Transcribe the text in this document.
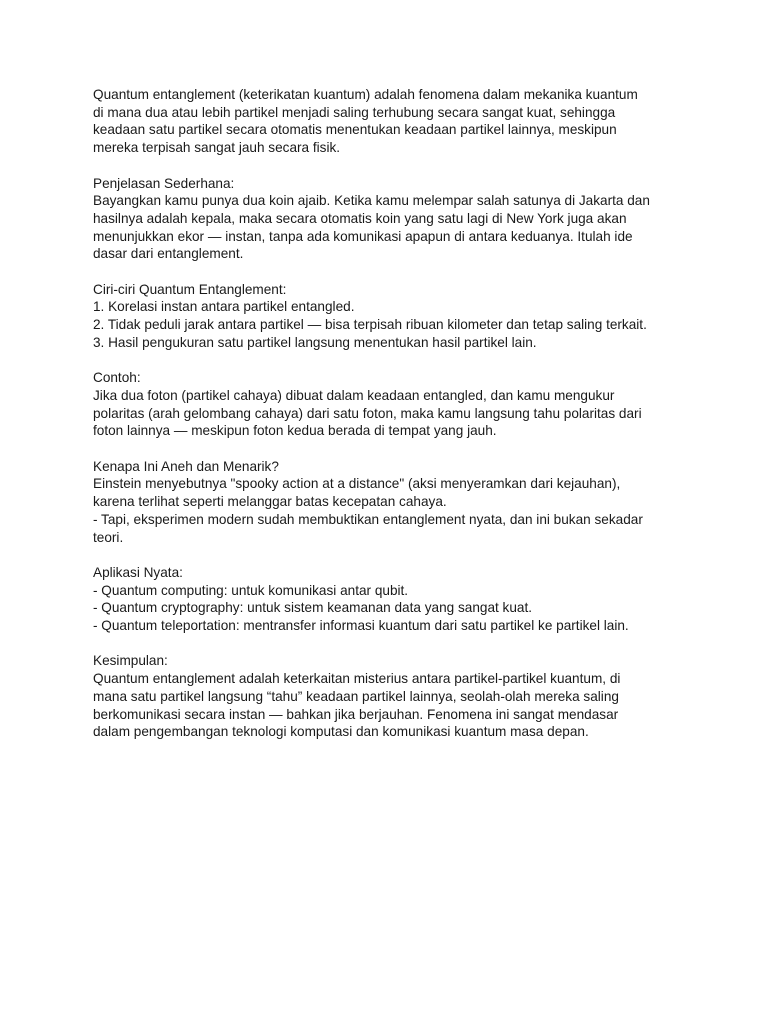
Quantum entanglement (keterikatan kuantum) adalah fenomena dalam mekanika kuantum

di mana dua atau lebih partikel menjadi saling terhubung secara sangat kuat, sehingga

keadaan satu partikel secara otomatis menentukan keadaan partikel lainnya, meskipun

mereka terpisah sangat jauh secara fisik.

Penjelasan Sederhana:

Bayangkan kamu punya dua koin ajaib. Ketika kamu melempar salah satunya di Jakarta dan

hasilnya adalah kepala, maka secara otomatis koin yang satu lagi di New York juga akan

menunjukkan ekor — instan, tanpa ada komunikasi apapun di antara keduanya. Itulah ide

dasar dari entanglement.

Ciri-ciri Quantum Entanglement:

1. Korelasi instan antara partikel entangled.

2. Tidak peduli jarak antara partikel — bisa terpisah ribuan kilometer dan tetap saling terkait.

3. Hasil pengukuran satu partikel langsung menentukan hasil partikel lain.

Contoh:

Jika dua foton (partikel cahaya) dibuat dalam keadaan entangled, dan kamu mengukur

polaritas (arah gelombang cahaya) dari satu foton, maka kamu langsung tahu polaritas dari

foton lainnya — meskipun foton kedua berada di tempat yang jauh.

Kenapa Ini Aneh dan Menarik?

Einstein menyebutnya "spooky action at a distance" (aksi menyeramkan dari kejauhan),

karena terlihat seperti melanggar batas kecepatan cahaya.

- Tapi, eksperimen modern sudah membuktikan entanglement nyata, dan ini bukan sekadar

teori.

Aplikasi Nyata:

- Quantum computing: untuk komunikasi antar qubit.

- Quantum cryptography: untuk sistem keamanan data yang sangat kuat.

- Quantum teleportation: mentransfer informasi kuantum dari satu partikel ke partikel lain.

Kesimpulan:

Quantum entanglement adalah keterkaitan misterius antara partikel-partikel kuantum, di

mana satu partikel langsung “tahu” keadaan partikel lainnya, seolah-olah mereka saling

berkomunikasi secara instan — bahkan jika berjauhan. Fenomena ini sangat mendasar

dalam pengembangan teknologi komputasi dan komunikasi kuantum masa depan.
